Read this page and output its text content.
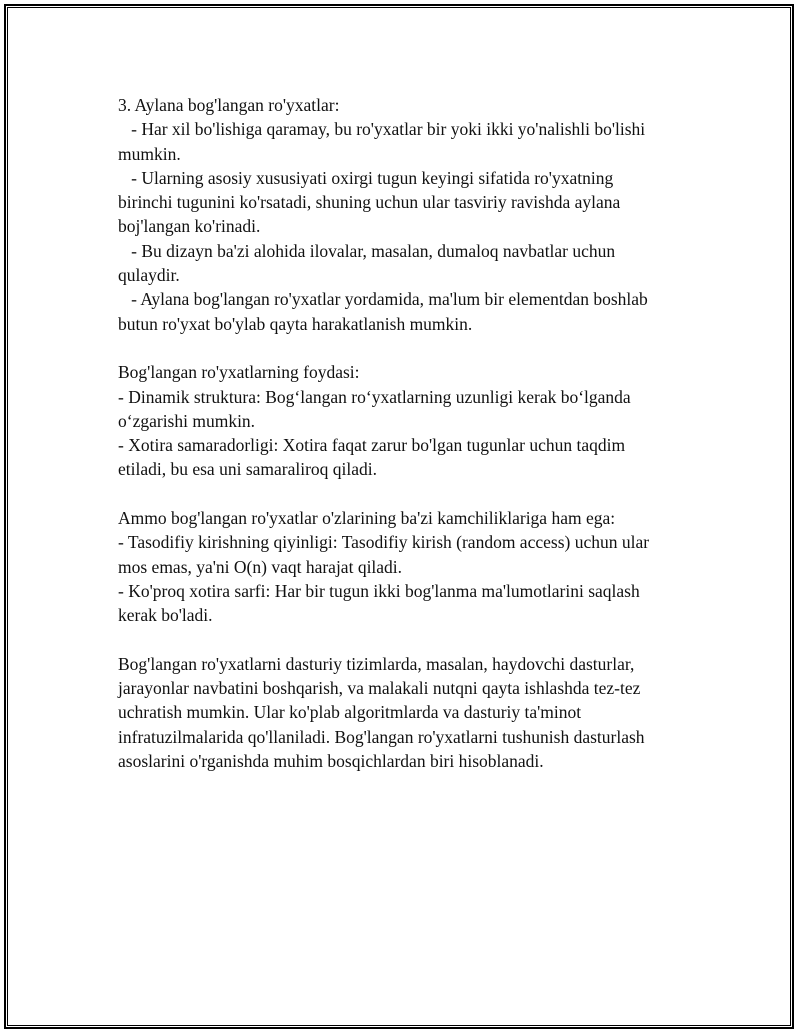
3. Aylana bog'langan ro'yxatlar:
- Har xil bo'lishiga qaramay, bu ro'yxatlar bir yoki ikki yo'nalishli bo'lishi
mumkin.
- Ularning asosiy xususiyati oxirgi tugun keyingi sifatida ro'yxatning
birinchi tugunini ko'rsatadi, shuning uchun ular tasviriy ravishda aylana
boj'langan ko'rinadi.
- Bu dizayn ba'zi alohida ilovalar, masalan, dumaloq navbatlar uchun
qulaydir.
- Aylana bog'langan ro'yxatlar yordamida, ma'lum bir elementdan boshlab
butun ro'yxat bo'ylab qayta harakatlanish mumkin.
Bog'langan ro'yxatlarning foydasi:
- Dinamik struktura: Bog‘langan ro‘yxatlarning uzunligi kerak bo‘lganda
o‘zgarishi mumkin.
- Xotira samaradorligi: Xotira faqat zarur bo'lgan tugunlar uchun taqdim
etiladi, bu esa uni samaraliroq qiladi.
Ammo bog'langan ro'yxatlar o'zlarining ba'zi kamchiliklariga ham ega:
- Tasodifiy kirishning qiyinligi: Tasodifiy kirish (random access) uchun ular
mos emas, ya'ni O(n) vaqt harajat qiladi.
- Ko'proq xotira sarfi: Har bir tugun ikki bog'lanma ma'lumotlarini saqlash
kerak bo'ladi.
Bog'langan ro'yxatlarni dasturiy tizimlarda, masalan, haydovchi dasturlar,
jarayonlar navbatini boshqarish, va malakali nutqni qayta ishlashda tez-tez
uchratish mumkin. Ular ko'plab algoritmlarda va dasturiy ta'minot
infratuzilmalarida qo'llaniladi. Bog'langan ro'yxatlarni tushunish dasturlash
asoslarini o'rganishda muhim bosqichlardan biri hisoblanadi.
